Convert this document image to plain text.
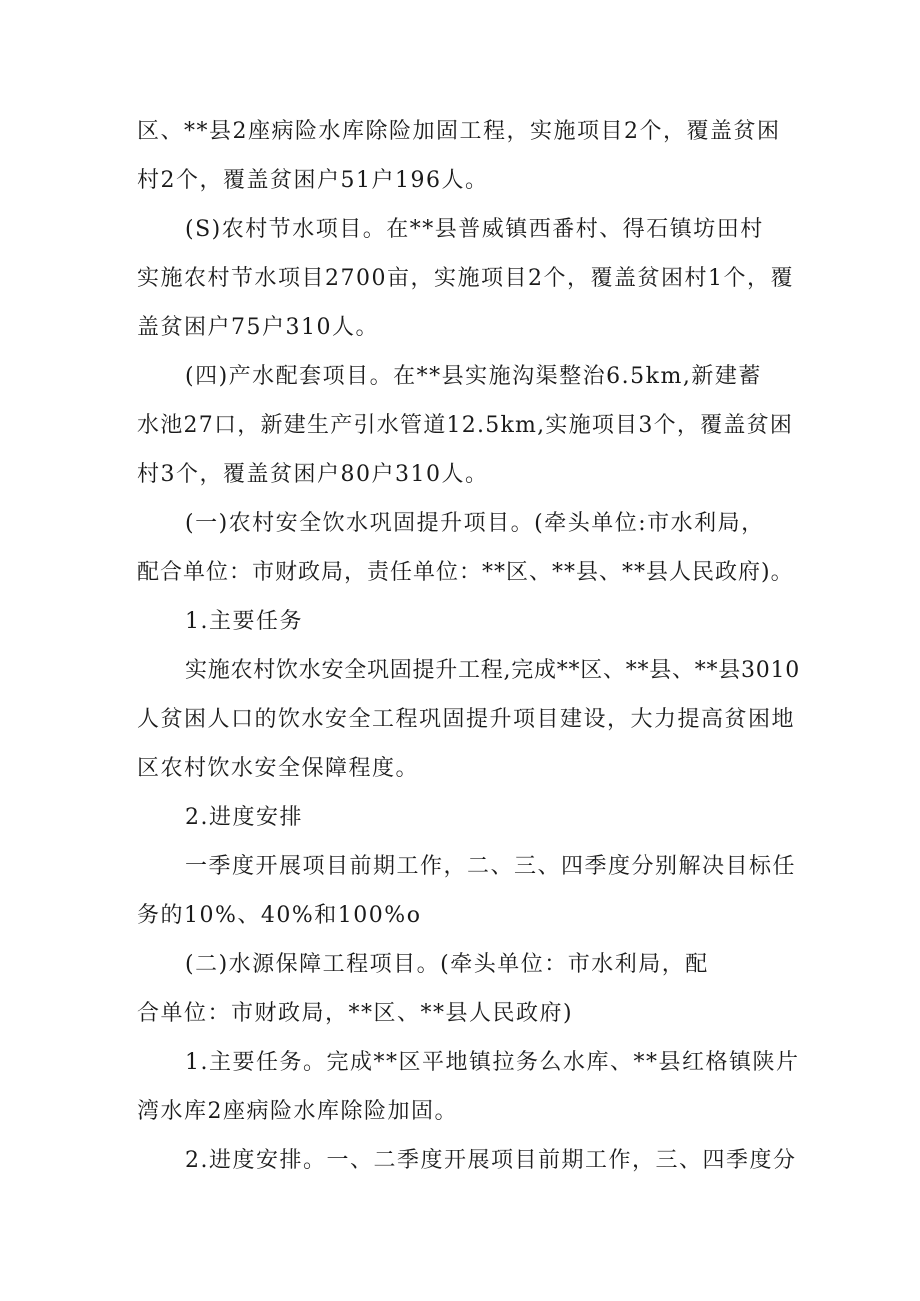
区、**县2座病险水库除险加固工程，实施项目2个，覆盖贫困
村2个，覆盖贫困户51户196人。
(S)农村节水项目。在**县普威镇西番村、得石镇坊田村
实施农村节水项目2700亩，实施项目2个，覆盖贫困村1个，覆
盖贫困户75户310人。
(四)产水配套项目。在**县实施沟渠整治6.5km,新建蓄
水池27口，新建生产引水管道12.5km,实施项目3个，覆盖贫困
村3个，覆盖贫困户80户310人。
(一)农村安全饮水巩固提升项目。(牵头单位:市水利局，
配合单位：市财政局，责任单位：**区、**县、**县人民政府)。
1.主要任务
实施农村饮水安全巩固提升工程,完成**区、**县、**县3010
人贫困人口的饮水安全工程巩固提升项目建设，大力提高贫困地
区农村饮水安全保障程度。
2.进度安排
一季度开展项目前期工作，二、三、四季度分别解决目标任
务的10%、40%和100%o
(二)水源保障工程项目。(牵头单位：市水利局，配
合单位：市财政局，**区、**县人民政府)
1.主要任务。完成**区平地镇拉务么水库、**县红格镇陕片
湾水库2座病险水库除险加固。
2.进度安排。一、二季度开展项目前期工作，三、四季度分
